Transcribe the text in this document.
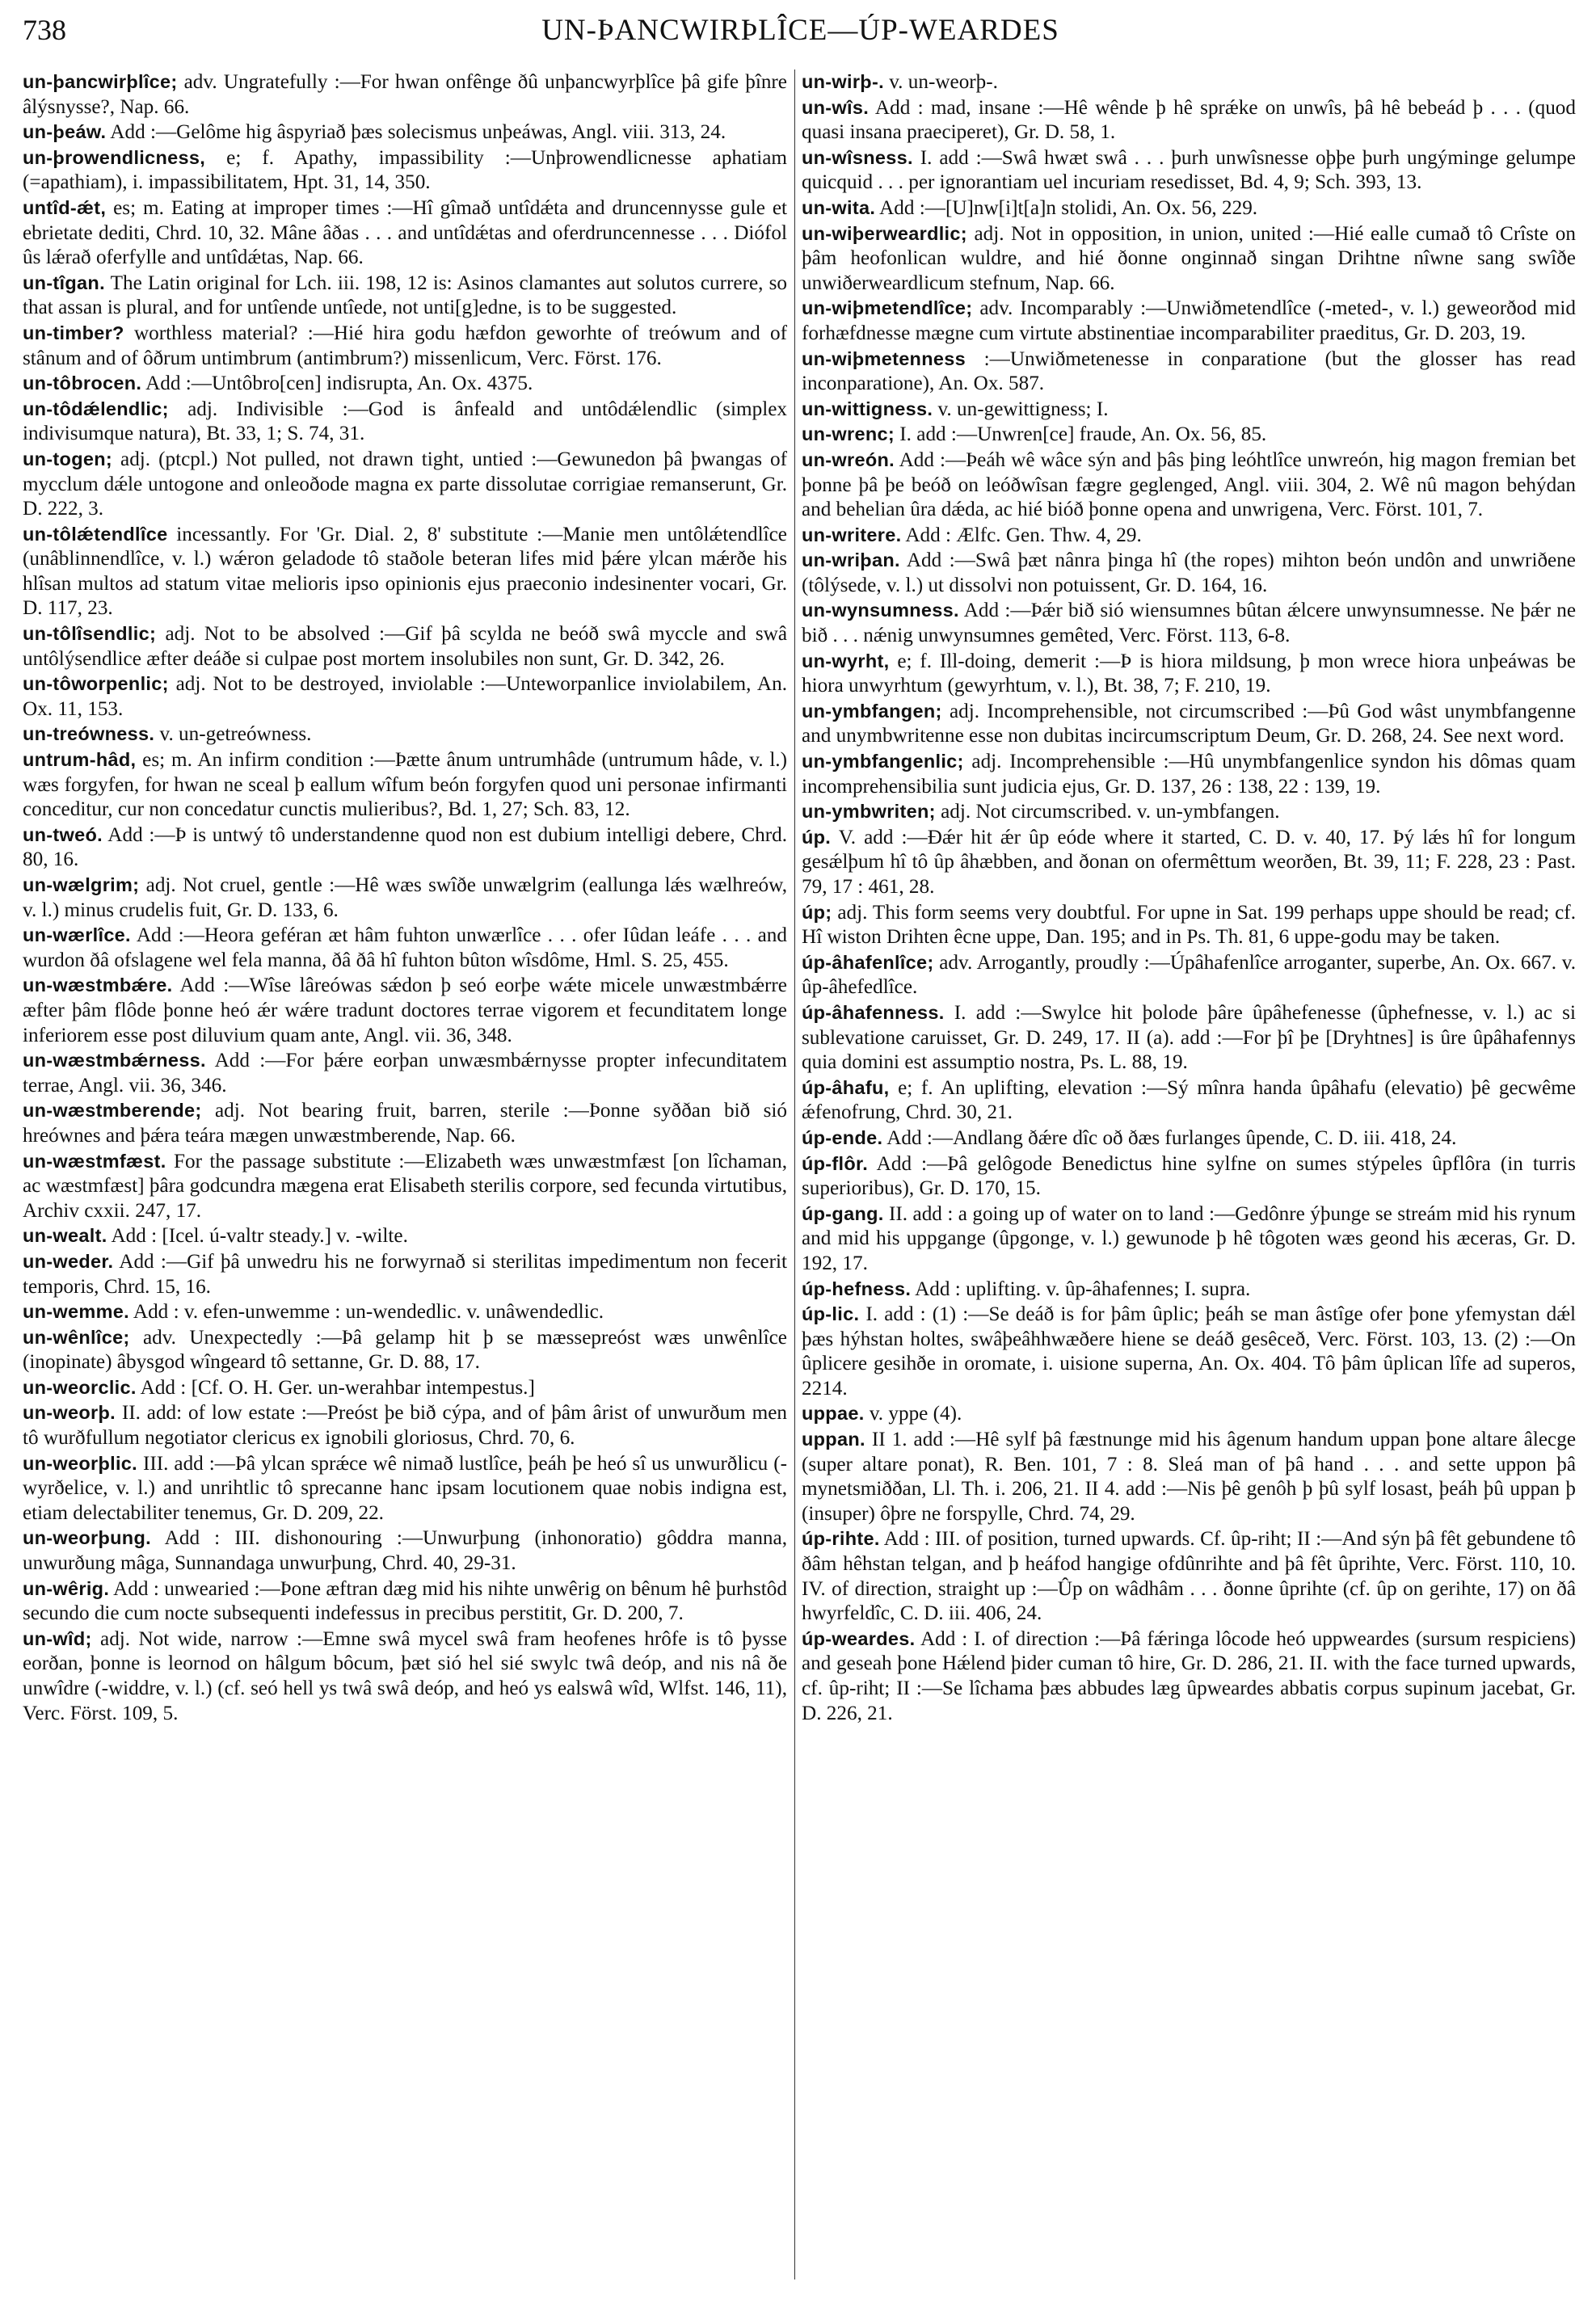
738	UN-ÞANCWIRÞLÎCE—ÚP-WEARDES

un-þancwirþlîce; adv. Ungratefully :—For hwan onfênge ðû unþancwyrþlîce þâ gife þînre âlýsnysse?, Nap. 66.

un-þeáw. Add :—Gelôme hig âspyriað þæs solecismus unþeáwas, Angl. viii. 313, 24.

un-þrowendlicness, e; f. Apathy, impassibility :—Unþrowendlicnesse aphatiam (=apathiam), i. impassibilitatem, Hpt. 31, 14, 350.

untîd-ǽt, es; m. Eating at improper times :—Hî gîmað untîdǽta and druncennysse gule et ebrietate dediti, Chrd. 10, 32. Mâne âðas . . . and untîdǽtas and oferdruncennesse . . . Diófol ûs lǽrað oferfylle and untîdǽtas, Nap. 66.

un-tîgan. The Latin original for Lch. iii. 198, 12 is: Asinos clamantes aut solutos currere, so that assan is plural, and for untîende untîede, not unti[g]edne, is to be suggested.

un-timber? worthless material? :—Hié hira godu hæfdon geworhte of treówum and of stânum and of ôðrum untimbrum (antimbrum?) missenlicum, Verc. Först. 176.

un-tôbrocen. Add :—Untôbro[cen] indisrupta, An. Ox. 4375.

un-tôdǽlendlic; adj. Indivisible :—God is ânfeald and untôdǽlendlic (simplex indivisumque natura), Bt. 33, 1; S. 74, 31.

un-togen; adj. (ptcpl.) Not pulled, not drawn tight, untied :—Gewunedon þâ þwangas of mycclum dǽle untogone and onleoðode magna ex parte dissolutae corrigiae remanserunt, Gr. D. 222, 3.

un-tôlǽtendlîce incessantly. For 'Gr. Dial. 2, 8' substitute :—Manie men untôlǽtendlîce (unâblinnendlîce, v. l.) wǽron geladode tô staðole beteran lifes mid þǽre ylcan mǽrðe his hlîsan multos ad statum vitae melioris ipso opinionis ejus praeconio indesinenter vocari, Gr. D. 117, 23.

un-tôlîsendlic; adj. Not to be absolved :—Gif þâ scylda ne beóð swâ myccle and swâ untôlýsendlice æfter deáðe si culpae post mortem insolubiles non sunt, Gr. D. 342, 26.

un-tôworpenlic; adj. Not to be destroyed, inviolable :—Unteworpanlice inviolabilem, An. Ox. 11, 153.

un-treówness. v. un-getreówness.

untrum-hâd, es; m. An infirm condition :—Þætte ânum untrumhâde (untrumum hâde, v. l.) wæs forgyfen, for hwan ne sceal þ eallum wîfum beón forgyfen quod uni personae infirmanti conceditur, cur non concedatur cunctis mulieribus?, Bd. 1, 27; Sch. 83, 12.

un-tweó. Add :—Þ is untwý tô understandenne quod non est dubium intelligi debere, Chrd. 80, 16.

un-wælgrim; adj. Not cruel, gentle :—Hê wæs swîðe unwælgrim (eallunga lǽs wælhreów, v. l.) minus crudelis fuit, Gr. D. 133, 6.

un-wærlîce. Add :—Heora geféran æt hâm fuhton unwærlîce . . . ofer Iûdan leáfe . . . and wurdon ðâ ofslagene wel fela manna, ðâ ðâ hî fuhton bûton wîsdôme, Hml. S. 25, 455.

un-wæstmbǽre. Add :—Wîse lâreówas sǽdon þ seó eorþe wǽte micele unwæstmbǽrre æfter þâm flôde þonne heó ǽr wǽre tradunt doctores terrae vigorem et fecunditatem longe inferiorem esse post diluvium quam ante, Angl. vii. 36, 348.

un-wæstmbǽrness. Add :—For þǽre eorþan unwæsmbǽrnysse propter infecunditatem terrae, Angl. vii. 36, 346.

un-wæstmberende; adj. Not bearing fruit, barren, sterile :—Þonne syððan bið sió hreównes and þǽra teára mægen unwæstmberende, Nap. 66.

un-wæstmfæst. For the passage substitute :—Elizabeth wæs unwæstmfæst [on lîchaman, ac wæstmfæst] þâra godcundra mægena erat Elisabeth sterilis corpore, sed fecunda virtutibus, Archiv cxxii. 247, 17.

un-wealt. Add : [Icel. ú-valtr steady.] v. -wilte.

un-weder. Add :—Gif þâ unwedru his ne forwyrnað si sterilitas impedimentum non fecerit temporis, Chrd. 15, 16.

un-wemme. Add : v. efen-unwemme : un-wendedlic. v. unâwendedlic.

un-wênlîce; adv. Unexpectedly :—Þâ gelamp hit þ se mæssepreóst wæs unwênlîce (inopinate) âbysgod wîngeard tô settanne, Gr. D. 88, 17.

un-weorclic. Add : [Cf. O. H. Ger. un-werahbar intempestus.]

un-weorþ. II. add: of low estate :—Preóst þe bið cýpa, and of þâm ârist of unwurðum men tô wurðfullum negotiator clericus ex ignobili gloriosus, Chrd. 70, 6.

un-weorþlic. III. add :—Þâ ylcan sprǽce wê nimað lustlîce, þeáh þe heó sî us unwurðlicu (-wyrðelice, v. l.) and unrihtlic tô sprecanne hanc ipsam locutionem quae nobis indigna est, etiam delectabiliter tenemus, Gr. D. 209, 22.

un-weorþung. Add : III. dishonouring :—Unwurþung (inhonoratio) gôddra manna, unwurðung mâga, Sunnandaga unwurþung, Chrd. 40, 29-31.

un-wêrig. Add : unwearied :—Þone æftran dæg mid his nihte unwêrig on bênum hê þurhstôd secundo die cum nocte subsequenti indefessus in precibus perstitit, Gr. D. 200, 7.

un-wîd; adj. Not wide, narrow :—Emne swâ mycel swâ fram heofenes hrôfe is tô þysse eorðan, þonne is leornod on hâlgum bôcum, þæt sió hel sié swylc twâ deóp, and nis nâ ðe unwîdre (-widdre, v. l.) (cf. seó hell ys twâ swâ deóp, and heó ys ealswâ wîd, Wlfst. 146, 11), Verc. Först. 109, 5.

un-wirþ-. v. un-weorþ-.

un-wîs. Add : mad, insane :—Hê wênde þ hê sprǽke on unwîs, þâ hê bebeád þ . . . (quod quasi insana praeciperet), Gr. D. 58, 1.

un-wîsness. I. add :—Swâ hwæt swâ . . . þurh unwîsnesse oþþe þurh ungýminge gelumpe quicquid . . . per ignorantiam uel incuriam resedisset, Bd. 4, 9; Sch. 393, 13.

un-wita. Add :—[U]nw[i]t[a]n stolidi, An. Ox. 56, 229.

un-wiþerweardlic; adj. Not in opposition, in union, united :—Hié ealle cumað tô Crîste on þâm heofonlican wuldre, and hié ðonne onginnað singan Drihtne nîwne sang swîðe unwiðerweardlicum stefnum, Nap. 66.

un-wiþmetendlîce; adv. Incomparably :—Unwiðmetendlîce (-meted-, v. l.) geweorðod mid forhæfdnesse mægne cum virtute abstinentiae incomparabiliter praeditus, Gr. D. 203, 19.

un-wiþmetenness :—Unwiðmetenesse in conparatione (but the glosser has read inconparatione), An. Ox. 587.

un-wittigness. v. un-gewittigness; I.

un-wrenc; I. add :—Unwren[ce] fraude, An. Ox. 56, 85.

un-wreón. Add :—Þeáh wê wâce sýn and þâs þing leóhtlîce unwreón, hig magon fremian bet þonne þâ þe beóð on leóðwîsan fægre geglenged, Angl. viii. 304, 2. Wê nû magon behýdan and behelian ûra dǽda, ac hié bióð þonne opena and unwrigena, Verc. Först. 101, 7.

un-writere. Add : Ælfc. Gen. Thw. 4, 29.

un-wriþan. Add :—Swâ þæt nânra þinga hî (the ropes) mihton beón undôn and unwriðene (tôlýsede, v. l.) ut dissolvi non potuissent, Gr. D. 164, 16.

un-wynsumness. Add :—Þǽr bið sió wiensumnes bûtan ǽlcere unwynsumnesse. Ne þǽr ne bið . . . nǽnig unwynsumnes gemêted, Verc. Först. 113, 6-8.

un-wyrht, e; f. Ill-doing, demerit :—Þ is hiora mildsung, þ mon wrece hiora unþeáwas be hiora unwyrhtum (gewyrhtum, v. l.), Bt. 38, 7; F. 210, 19.

un-ymbfangen; adj. Incomprehensible, not circumscribed :—Þû God wâst unymbfangenne and unymbwritenne esse non dubitas incircumscriptum Deum, Gr. D. 268, 24. See next word.

un-ymbfangenlic; adj. Incomprehensible :—Hû unymbfangenlice syndon his dômas quam incomprehensibilia sunt judicia ejus, Gr. D. 137, 26 : 138, 22 : 139, 19.

un-ymbwriten; adj. Not circumscribed. v. un-ymbfangen.

úp. V. add :—Ðǽr hit ǽr ûp eóde where it started, C. D. v. 40, 17. Þý lǽs hî for longum gesǽlþum hî tô ûp âhæbben, and ðonan on ofermêttum weorðen, Bt. 39, 11; F. 228, 23 : Past. 79, 17 : 461, 28.

úp; adj. This form seems very doubtful. For upne in Sat. 199 perhaps uppe should be read; cf. Hî wiston Drihten êcne uppe, Dan. 195; and in Ps. Th. 81, 6 uppe-godu may be taken.

úp-âhafenlîce; adv. Arrogantly, proudly :—Úpâhafenlîce arroganter, superbe, An. Ox. 667. v. ûp-âhefedlîce.

úp-âhafenness. I. add :—Swylce hit þolode þâre ûpâhefenesse (ûphefnesse, v. l.) ac si sublevatione caruisset, Gr. D. 249, 17. II (a). add :—For þî þe [Dryhtnes] is ûre ûpâhafennys quia domini est assumptio nostra, Ps. L. 88, 19.

úp-âhafu, e; f. An uplifting, elevation :—Sý mînra handa ûpâhafu (elevatio) þê gecwême ǽfenofrung, Chrd. 30, 21.

úp-ende. Add :—Andlang ðǽre dîc oð ðæs furlanges ûpende, C. D. iii. 418, 24.

úp-flôr. Add :—Þâ gelôgode Benedictus hine sylfne on sumes stýpeles ûpflôra (in turris superioribus), Gr. D. 170, 15.

úp-gang. II. add : a going up of water on to land :—Gedônre ýþunge se streám mid his rynum and mid his uppgange (ûpgonge, v. l.) gewunode þ hê tôgoten wæs geond his æceras, Gr. D. 192, 17.

úp-hefness. Add : uplifting. v. ûp-âhafennes; I. supra.

úp-lic. I. add : (1) :—Se deáð is for þâm ûplic; þeáh se man âstîge ofer þone yfemystan dǽl þæs hýhstan holtes, swâþeâhhwæðere hiene se deáð gesêceð, Verc. Först. 103, 13. (2) :—On ûplicere gesihðe in oromate, i. uisione superna, An. Ox. 404. Tô þâm ûplican lîfe ad superos, 2214.

uppae. v. yppe (4).

uppan. II 1. add :—Hê sylf þâ fæstnunge mid his âgenum handum uppan þone altare âlecge (super altare ponat), R. Ben. 101, 7 : 8. Sleá man of þâ hand . . . and sette uppon þâ mynetsmiððan, Ll. Th. i. 206, 21. II 4. add :—Nis þê genôh þ þû sylf losast, þeáh þû uppan þ (insuper) ôþre ne forspylle, Chrd. 74, 29.

úp-rihte. Add : III. of position, turned upwards. Cf. ûp-riht; II :—And sýn þâ fêt gebundene tô ðâm hêhstan telgan, and þ heáfod hangige ofdûnrihte and þâ fêt ûprihte, Verc. Först. 110, 10. IV. of direction, straight up :—Ûp on wâdhâm . . . ðonne ûprihte (cf. ûp on gerihte, 17) on ðâ hwyrfeldîc, C. D. iii. 406, 24.

úp-weardes. Add : I. of direction :—Þâ fǽringa lôcode heó uppweardes (sursum respiciens) and geseah þone Hǽlend þider cuman tô hire, Gr. D. 286, 21. II. with the face turned upwards, cf. ûp-riht; II :—Se lîchama þæs abbudes læg ûpweardes abbatis corpus supinum jacebat, Gr. D. 226, 21.
